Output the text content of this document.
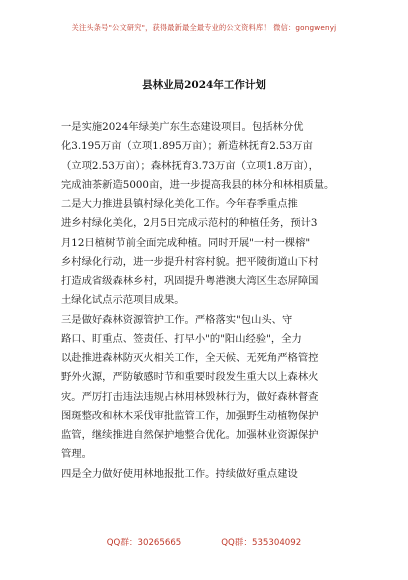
关注头条号"公文研究"，获得最新最全最专业的公文资料库！ 微信：gongwenyj
县林业局2024年工作计划
一是实施2024年绿美广东生态建设项目。包括林分优
化3.195万亩（立项1.895万亩）；新造林抚育2.53万亩
（立项2.53万亩）；森林抚育3.73万亩（立项1.8万亩），
完成油茶新造5000亩，进一步提高我县的林分和林相质量。
二是大力推进县镇村绿化美化工作。今年春季重点推
进乡村绿化美化，2月5日完成示范村的种植任务，预计3
月12日植树节前全面完成种植。同时开展"一村一棵榕"
乡村绿化行动，进一步提升村容村貌。把平陵街道山下村
打造成省级森林乡村，巩固提升粤港澳大湾区生态屏障国
土绿化试点示范项目成果。
三是做好森林资源管护工作。严格落实"包山头、守
路口、盯重点、签责任、打早小"的"阳山经验"，全力
以赴推进森林防灭火相关工作，全天候、无死角严格管控
野外火源，严防敏感时节和重要时段发生重大以上森林火
灾。严厉打击违法违规占林用林毁林行为，做好森林督查
图斑整改和林木采伐审批监管工作，加强野生动植物保护
监管，继续推进自然保护地整合优化。加强林业资源保护
管理。
四是全力做好使用林地报批工作。持续做好重点建设
QQ群：30265665	QQ群：535304092
